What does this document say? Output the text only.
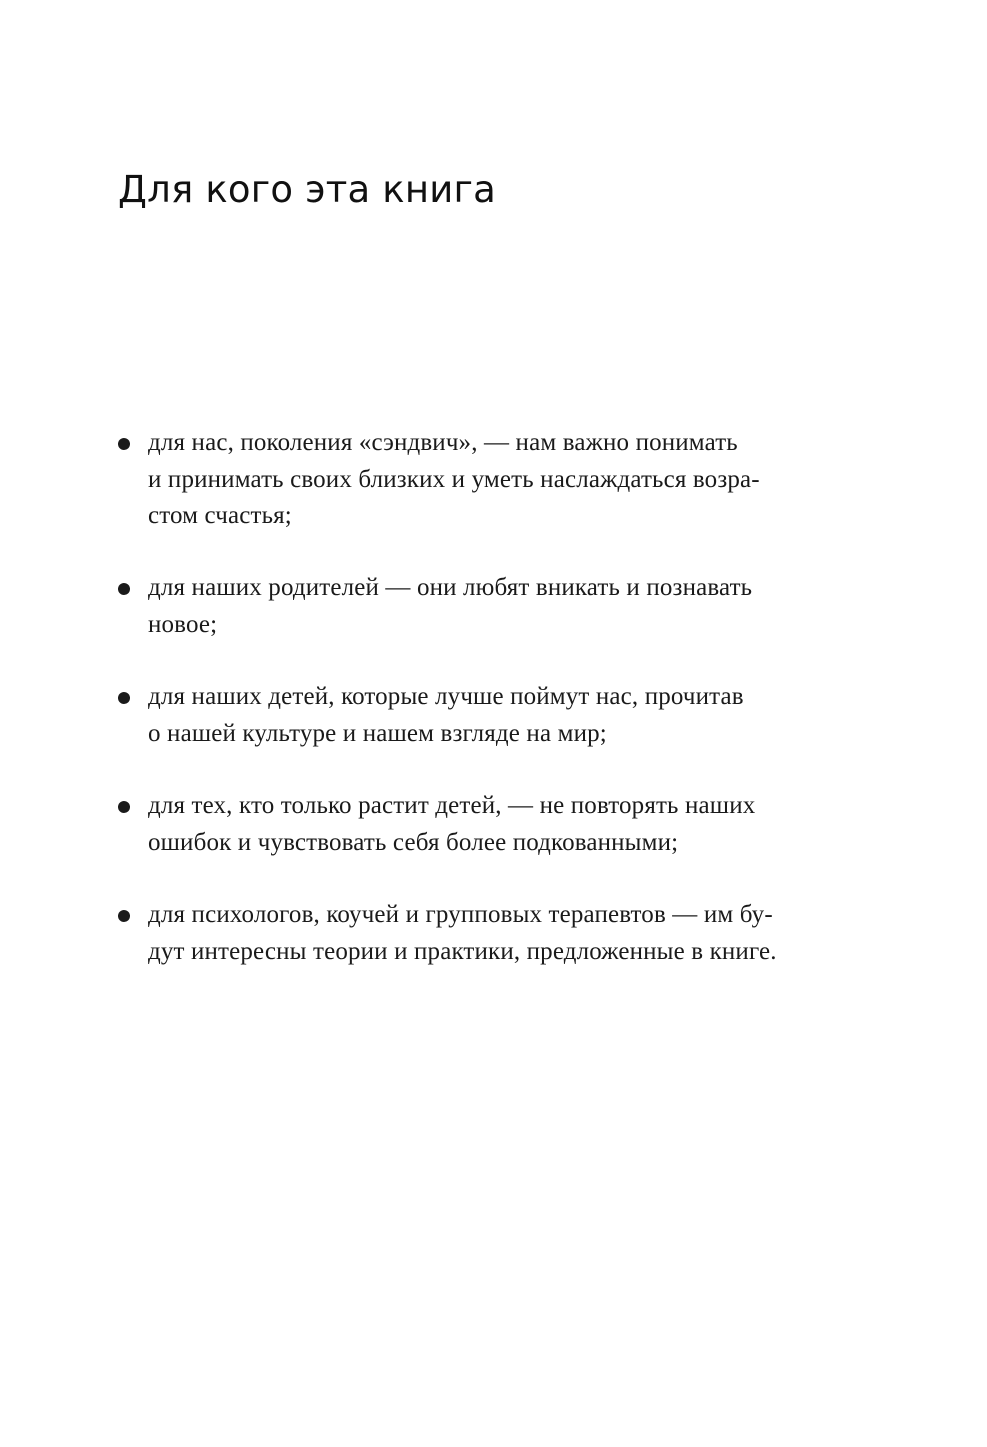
Для кого эта книга
для нас, поколения «сэндвич», — нам важно понимать
и принимать своих близких и уметь наслаждаться возра-
стом счастья;
для наших родителей — они любят вникать и познавать
новое;
для наших детей, которые лучше поймут нас, прочитав
о нашей культуре и нашем взгляде на мир;
для тех, кто только растит детей, — не повторять наших
ошибок и чувствовать себя более подкованными;
для психологов, коучей и групповых терапевтов — им бу-
дут интересны теории и практики, предложенные в книге.
